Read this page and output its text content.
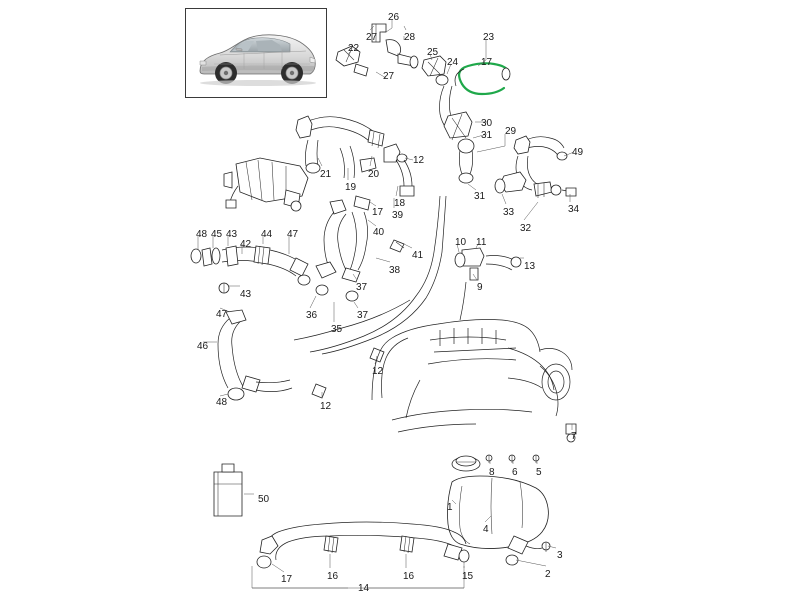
26
27	28
22	25
23
24 17
27
30
31 29
49
12
20
21
19
18
31
33
32
34
17 39
40
41
42
48 45 43 44 47
10 11
13
9
38
43
37
36
35
37
47
46
48	12
12
7
8 6 5
1
50
4
3
2
15
16	16
17
14
